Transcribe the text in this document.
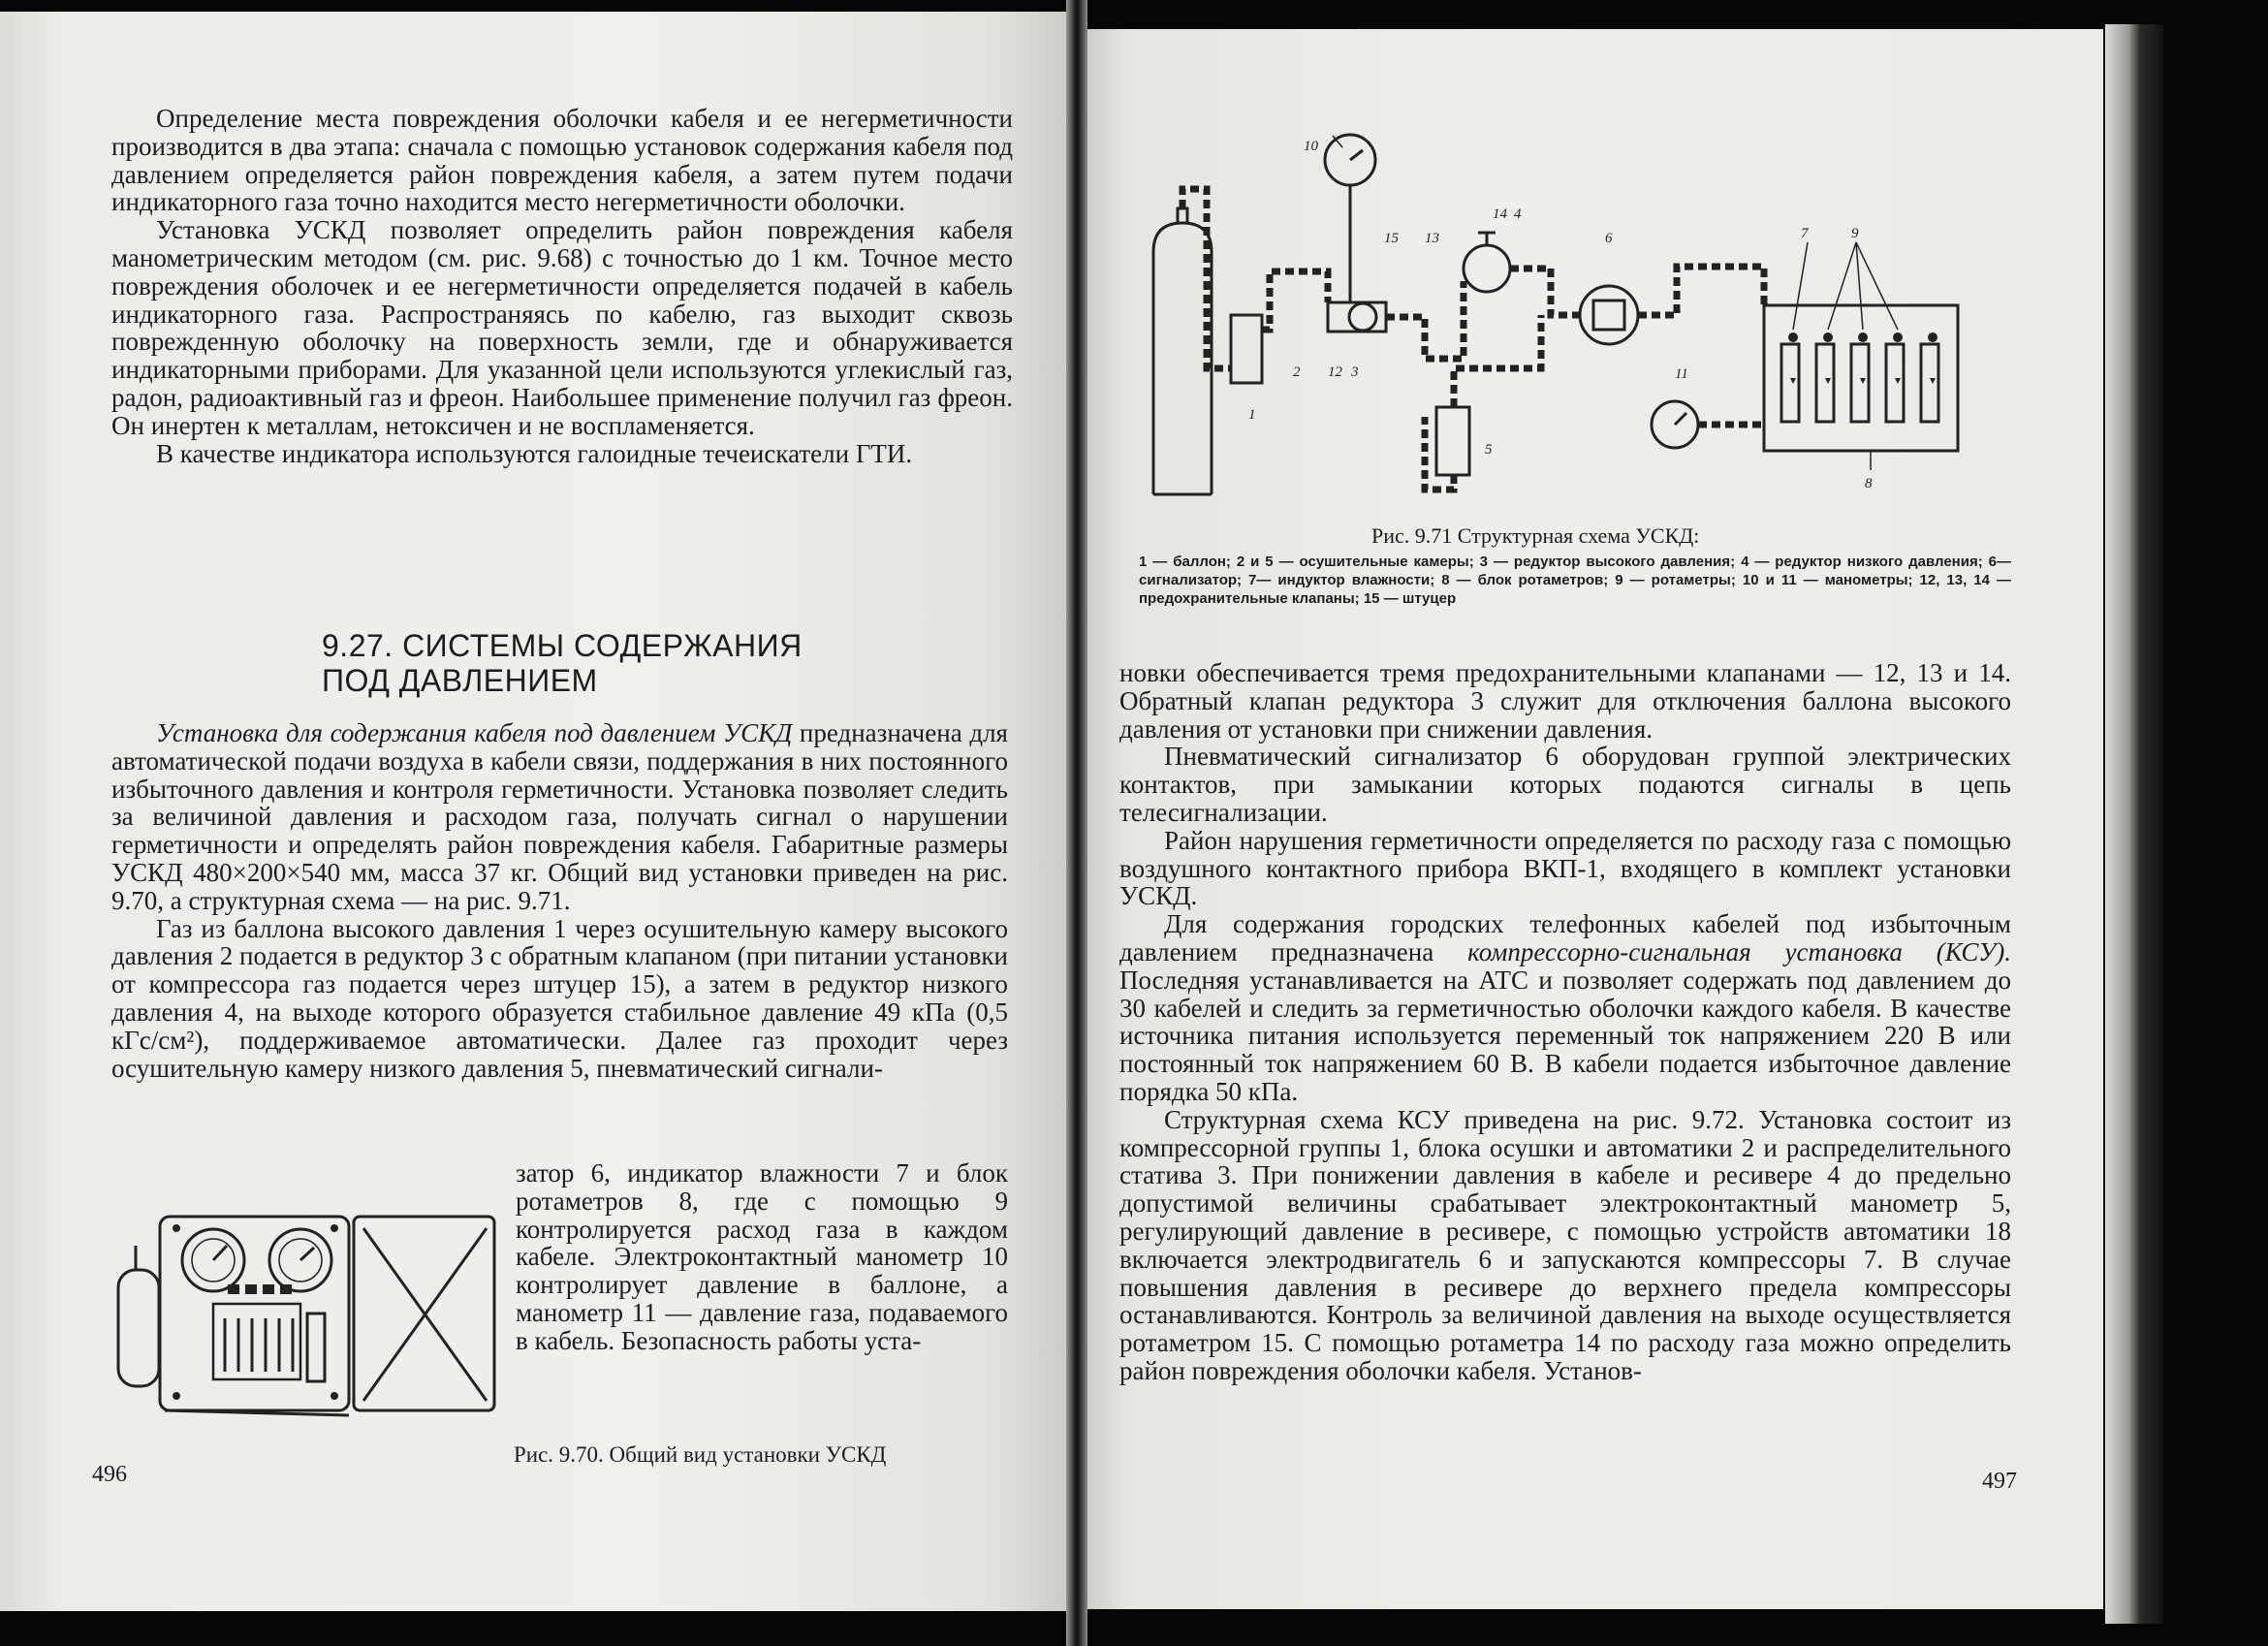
Определение места повреждения оболочки кабеля и ее негерметичности производится в два этапа: сначала с помощью установок содержания кабеля под давлением определяется район повреждения кабеля, а затем путем подачи индикаторного газа точно находится место негерметичности оболочки.

Установка УСКД позволяет определить район повреждения кабеля манометрическим методом (см. рис. 9.68) с точностью до 1 км. Точное место повреждения оболочек и ее негерметичности определяется подачей в кабель индикаторного газа. Распространяясь по кабелю, газ выходит сквозь поврежденную оболочку на поверхность земли, где и обнаруживается индикаторными приборами. Для указанной цели используются углекислый газ, радон, радиоактивный газ и фреон. Наибольшее применение получил газ фреон. Он инертен к металлам, нетоксичен и не воспламеняется.

В качестве индикатора используются галоидные течеискатели ГТИ.

9.27. СИСТЕМЫ СОДЕРЖАНИЯ
ПОД ДАВЛЕНИЕМ

Установка для содержания кабеля под давлением УСКД предназначена для автоматической подачи воздуха в кабели связи, поддержания в них постоянного избыточного давления и контроля герметичности. Установка позволяет следить за величиной давления и расходом газа, получать сигнал о нарушении герметичности и определять район повреждения кабеля. Габаритные размеры УСКД 480×200×540 мм, масса 37 кг. Общий вид установки приведен на рис. 9.70, а структурная схема — на рис. 9.71.

Газ из баллона высокого давления 1 через осушительную камеру высокого давления 2 подается в редуктор 3 с обратным клапаном (при питании установки от компрессора газ подается через штуцер 15), а затем в редуктор низкого давления 4, на выходе которого образуется стабильное давление 49 кПа (0,5 кГс/см²), поддерживаемое автоматически. Далее газ проходит через осушительную камеру низкого давления 5, пневматический сигнали-

затор 6, индикатор влажности 7 и блок ротаметров 8, где с помощью 9 контролируется расход газа в каждом кабеле. Электроконтактный манометр 10 контролирует давление в баллоне, а манометр 11 — давление газа, подаваемого в кабель. Безопасность работы уста-

Рис. 9.70. Общий вид установки УСКД
496
10
14 4
15 13	6	7	9
2 12 3
1
11
5
8
Рис. 9.71 Структурная схема УСКД:
1 — баллон; 2 и 5 — осушительные камеры; 3 — редуктор высокого давления; 4 — редуктор низкого давления; 6—сигнализатор; 7— индуктор влажности; 8 — блок ротаметров; 9 — ротаметры; 10 и 11 — манометры; 12, 13, 14 — предохранительные клапаны; 15 — штуцер

новки обеспечивается тремя предохранительными клапанами — 12, 13 и 14. Обратный клапан редуктора 3 служит для отключения баллона высокого давления от установки при снижении давления.

Пневматический сигнализатор 6 оборудован группой электрических контактов, при замыкании которых подаются сигналы в цепь телесигнализации.

Район нарушения герметичности определяется по расходу газа с помощью воздушного контактного прибора ВКП-1, входящего в комплект установки УСКД.

Для содержания городских телефонных кабелей под избыточным давлением предназначена компрессорно-сигнальная установка (КСУ). Последняя устанавливается на АТС и позволяет содержать под давлением до 30 кабелей и следить за герметичностью оболочки каждого кабеля. В качестве источника питания используется переменный ток напряжением 220 В или постоянный ток напряжением 60 В. В кабели подается избыточное давление порядка 50 кПа.

Структурная схема КСУ приведена на рис. 9.72. Установка состоит из компрессорной группы 1, блока осушки и автоматики 2 и распределительного статива 3. При понижении давления в кабеле и ресивере 4 до предельно допустимой величины срабатывает электроконтактный манометр 5, регулирующий давление в ресивере, с помощью устройств автоматики 18 включается электродвигатель 6 и запускаются компрессоры 7. В случае повышения давления в ресивере до верхнего предела компрессоры останавливаются. Контроль за величиной давления на выходе осуществляется ротаметром 15. С помощью ротаметра 14 по расходу газа можно определить район повреждения оболочки кабеля. Установ-

497
